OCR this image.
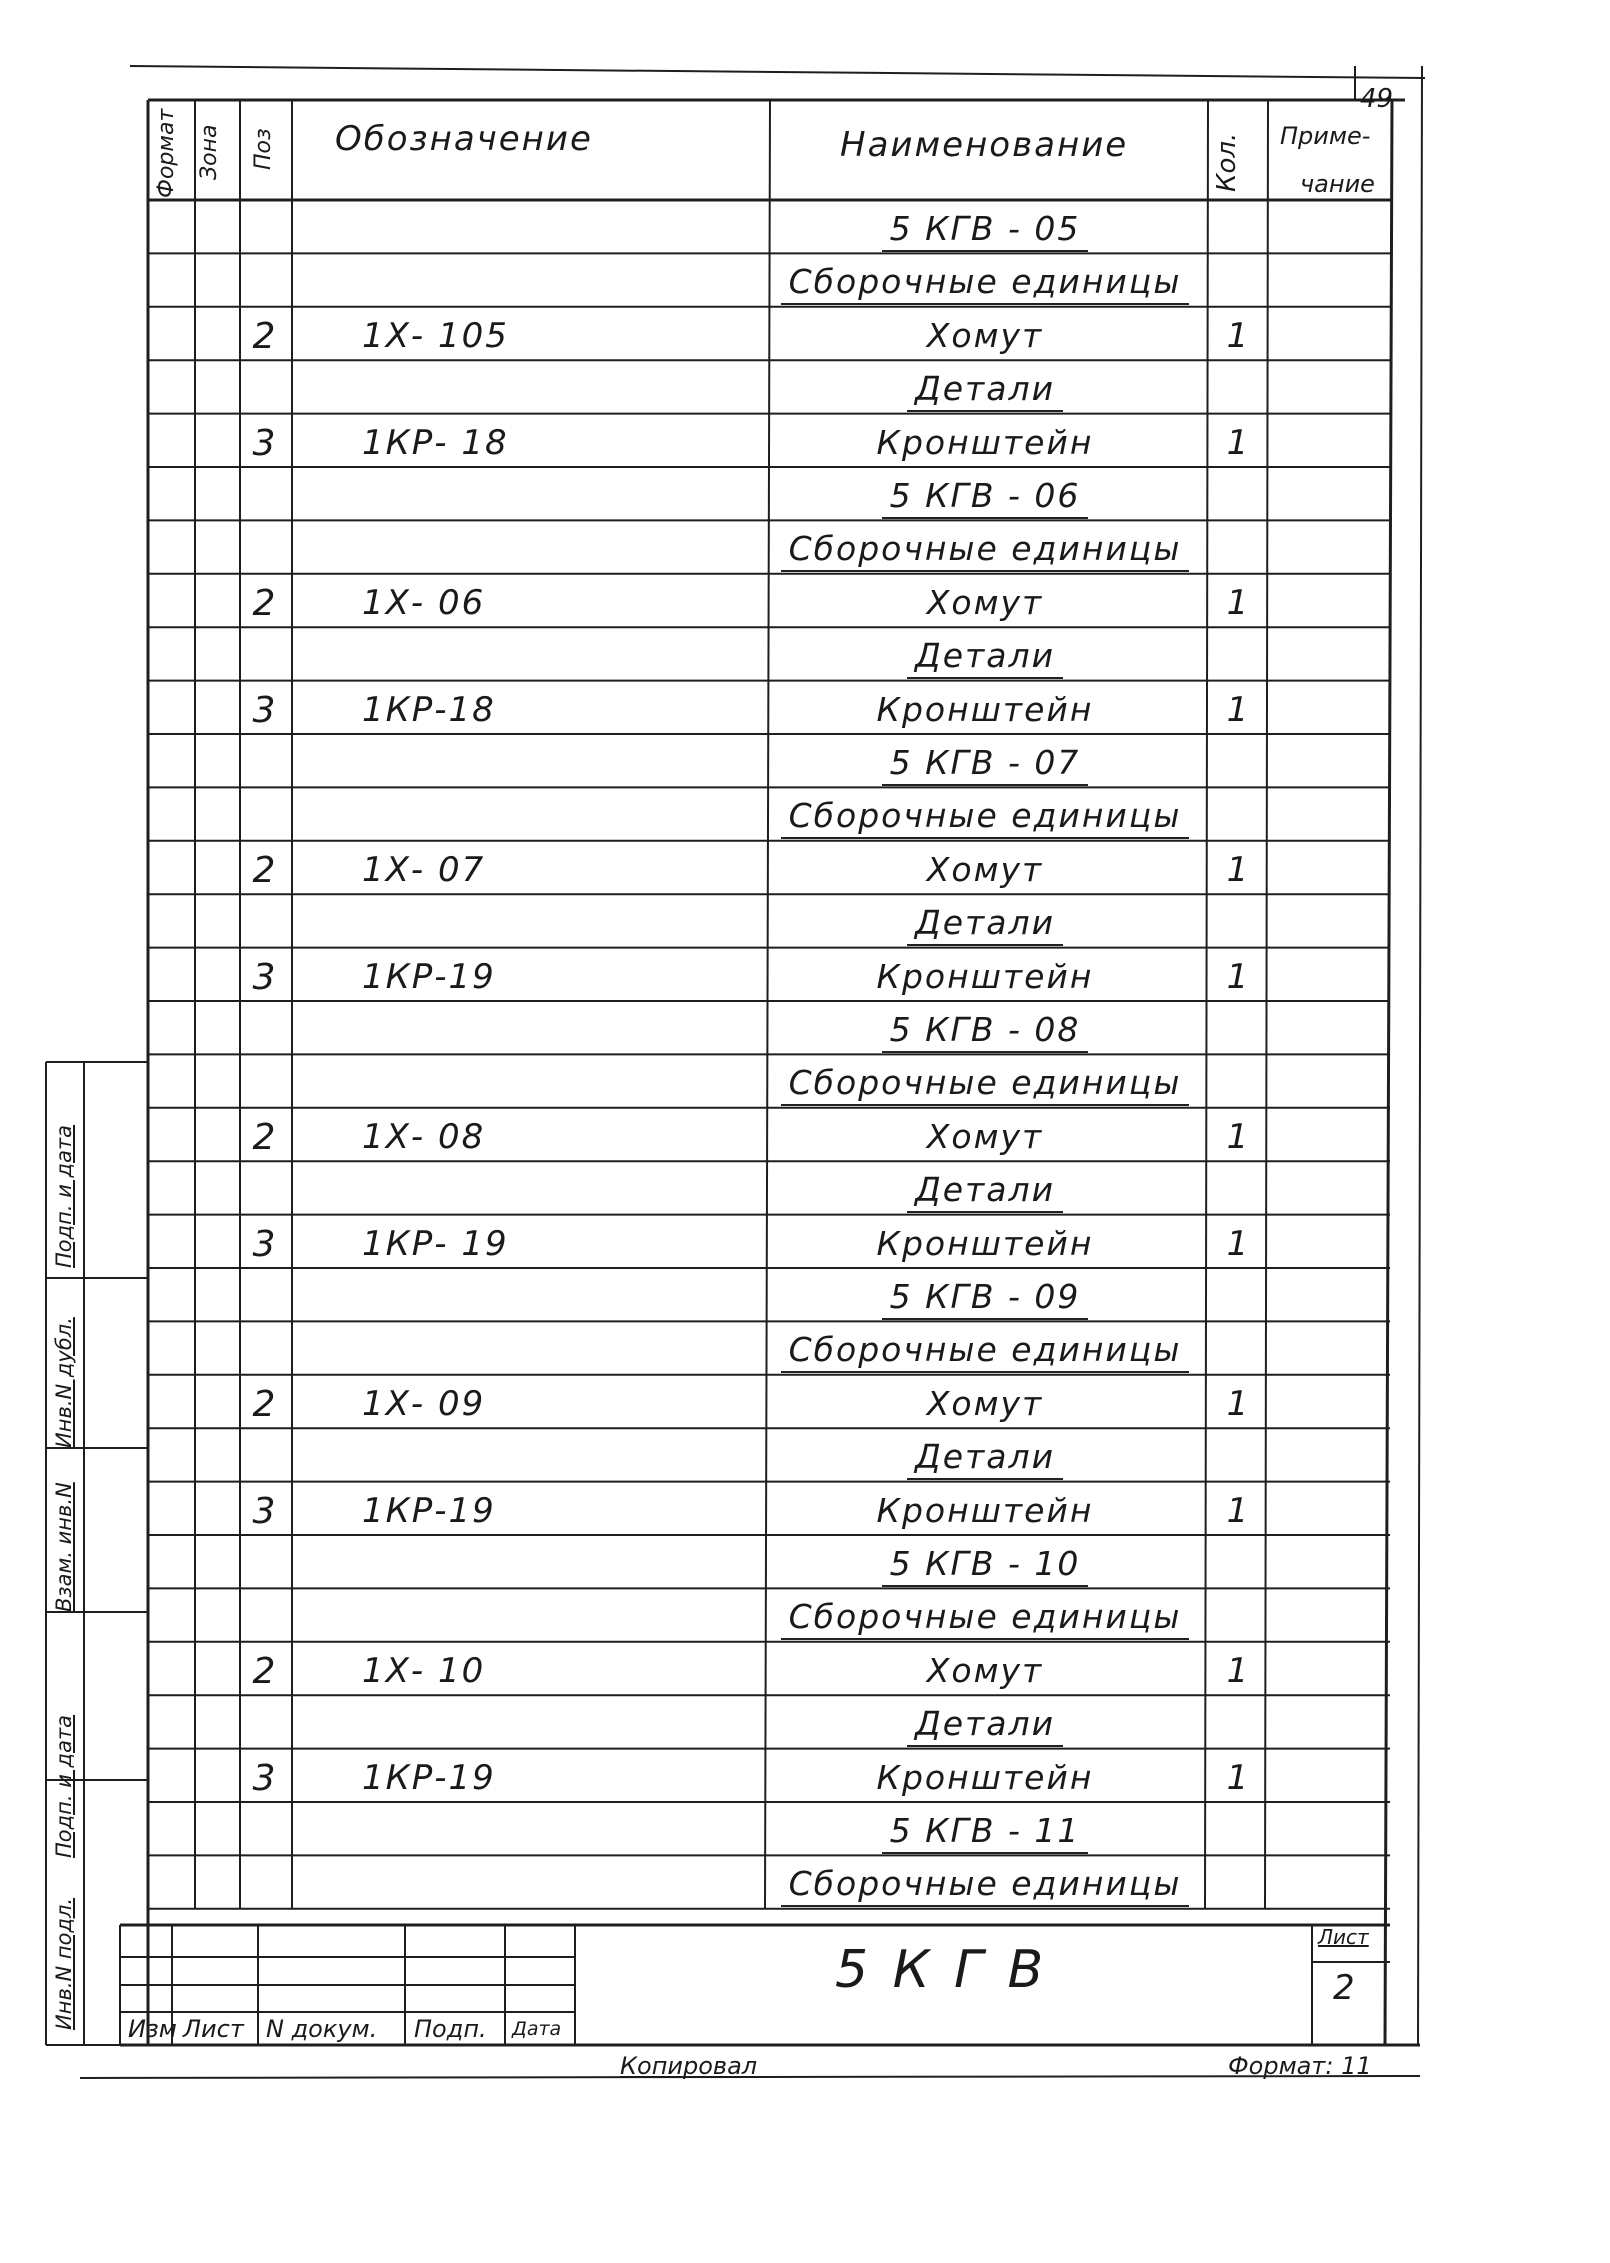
49
Формат Зона Поз Обозначение	Наименование	Кол. Приме-
чание
5 КГВ - 05
Сборочные единицы
2	1Х- 105	Хомут	1
Детали
3	1КР- 18	Кронштейн	1
5 КГВ - 06
Сборочные единицы
2	1Х- 06	Хомут	1
Детали
3	1КР-18	Кронштейн	1
5 КГВ - 07
Сборочные единицы
2	1Х- 07	Хомут	1
Детали
3	1КР-19	Кронштейн	1
5 КГВ - 08
Сборочные единицы
2	1Х- 08	Хомут	1
Детали
3	1КР- 19	Кронштейн	1
5 КГВ - 09
Сборочные единицы
2	1Х- 09	Хомут	1
Детали
3	1КР-19	Кронштейн	1
5 КГВ - 10
Сборочные единицы
2	1Х- 10	Хомут	1
Детали
3	1КР-19	Кронштейн	1
5 КГВ - 11
Сборочные единицы
Инв.N подл.
Подп. и дата
Взам. инв.N
Инв.N дубл.
Подп. и дата
5 К Г В
Лист
2
Изм Лист N докум. Подп. Дата
Копировал	Формат: 11
